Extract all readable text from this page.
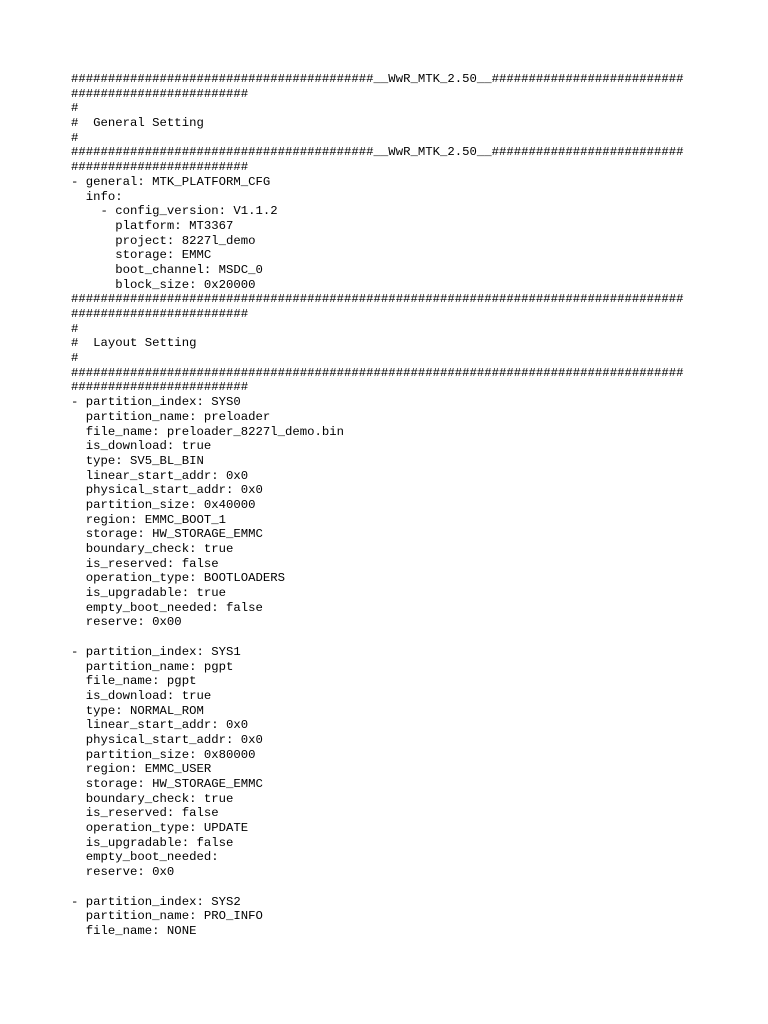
#########################################__WwR_MTK_2.50__##########################
########################
#
#  General Setting
#
#########################################__WwR_MTK_2.50__##########################
########################
- general: MTK_PLATFORM_CFG
info:
- config_version: V1.1.2
platform: MT3367
project: 8227l_demo
storage: EMMC
boot_channel: MSDC_0
block_size: 0x20000
###################################################################################
########################
#
#  Layout Setting
#
###################################################################################
########################
- partition_index: SYS0
partition_name: preloader
file_name: preloader_8227l_demo.bin
is_download: true
type: SV5_BL_BIN
linear_start_addr: 0x0
physical_start_addr: 0x0
partition_size: 0x40000
region: EMMC_BOOT_1
storage: HW_STORAGE_EMMC
boundary_check: true
is_reserved: false
operation_type: BOOTLOADERS
is_upgradable: true
empty_boot_needed: false
reserve: 0x00
- partition_index: SYS1
partition_name: pgpt
file_name: pgpt
is_download: true
type: NORMAL_ROM
linear_start_addr: 0x0
physical_start_addr: 0x0
partition_size: 0x80000
region: EMMC_USER
storage: HW_STORAGE_EMMC
boundary_check: true
is_reserved: false
operation_type: UPDATE
is_upgradable: false
empty_boot_needed:
reserve: 0x0
- partition_index: SYS2
partition_name: PRO_INFO
file_name: NONE
